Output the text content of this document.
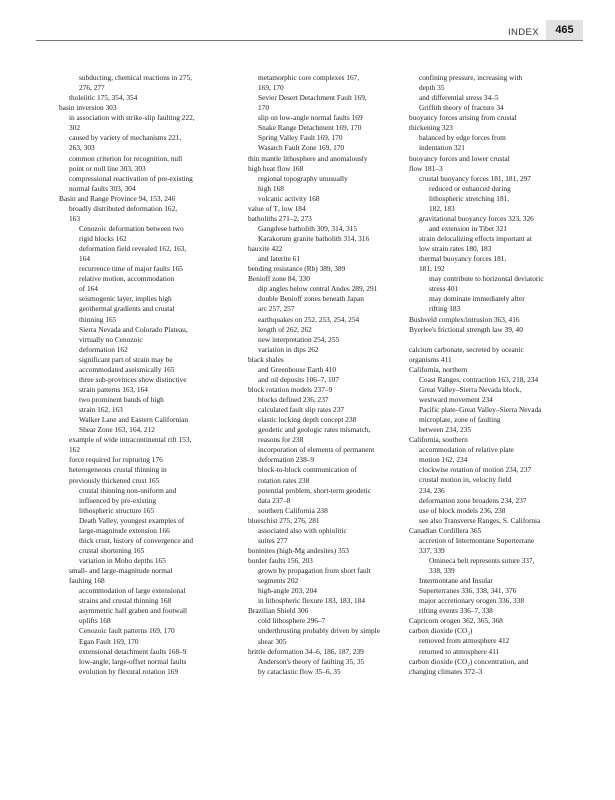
INDEX	465
subducting, chemical reactions in 275,
276, 277
tholeiitic 175, 354, 354
basin inversion 303
in association with strike-slip faulting 222,
302
caused by variety of mechanisms 221,
263, 303
common criterion for recognition, null
point or null line 303, 303
compressional reactivation of pre-existing
normal faults 303, 304
Basin and Range Province 94, 153, 246
broadly distributed deformation 162,
163
Cenozoic deformation between two
rigid blocks 162
deformation field revealed 162, 163,
164
recurrence time of major faults 165
relative motion, accommodation
of 164
seismogenic layer, implies high
geothermal gradients and crustal
thinning 165
Sierra Nevada and Colorado Plateau,
virtually no Cenozoic
deformation 162
significant part of strain may be
accommodated aseismically 165
three sub-provinces show distinctive
strain patterns 163, 164
two prominent bands of high
strain 162, 163
Walker Lane and Eastern Californian
Shear Zone 163, 164, 212
example of wide intracontinental rift 153,
162
force required for rupturing 176
heterogeneous crustal thinning in
previously thickened crust 165
crustal thinning non-uniform and
influenced by pre-existing
lithospheric structure 165
Death Valley, youngest examples of
large-magnitude extension 166
thick crust, history of convergence and
crustal shortening 165
variation in Moho depths 165
small- and large-magnitude normal
faulting 168
accommodation of large extensional
strains and crustal thinning 168
asymmetric half graben and footwall
uplifts 168
Cenozoic fault patterns 169, 170
Egan Fault 169, 170
extensional detachment faults 168–9
low-angle, large-offset normal faults
evolution by flexural rotation 169
metamorphic core complexes 167,
169, 170
Sevier Desert Detachment Fault 169,
170
slip on low-angle normal faults 169
Snake Range Detachment 169, 170
Spring Valley Fault 169, 170
Wasatch Fault Zone 169, 170
thin mantle lithosphere and anomalously
high heat flow 168
regional topography unusually
high 168
volcanic activity 168
value of Tₑ low 184
batholiths 271–2, 273
Gangdese batholith 309, 314, 315
Karakorum granite batholith 314, 316
bauxite 422
and laterite 61
bending resistance (Rb) 389, 389
Benioff zone 84, 330
dip angles below central Andes 289, 291
double Benioff zones beneath Japan
arc 257, 257
earthquakes on 252, 253, 254, 254
length of 262, 262
new interpretation 254, 255
variation in dips 262
black shales
and Greenhouse Earth 410
and oil deposits 106–7, 107
block rotation models 237–9
blocks defined 236, 237
calculated fault slip rates 237
elastic locking depth concept 238
geodetic and geologic rates mismatch,
reasons for 238
incorporation of elements of permanent
deformation 238–9
block-to-block communication of
rotation rates 238
potential problem, short-term geodetic
data 237–8
southern California 238
blueschist 275, 276, 281
associated also with ophiolitic
suites 277
boninites (high-Mg andesites) 353
border faults 156, 203
grown by propagation from short fault
segments 202
high-angle 203, 204
in lithospheric flexure 183, 183, 184
Brazilian Shield 306
cold lithosphere 296–7
underthrusting probably driven by simple
shear 305
brittle deformation 34–6, 186, 187, 239
Anderson's theory of faulting 35, 35
by cataclastic flow 35–6, 35
confining pressure, increasing with
depth 35
and differential stress 34–5
Griffith theory of fracture 34
buoyancy forces arising from crustal
thickening 323
balanced by edge forces from
indentation 321
buoyancy forces and lower crustal
flow 181–3
crustal buoyancy forces 181, 181, 297
reduced or enhanced during
lithospheric stretching 181,
182, 183
gravitational buoyancy forces 323, 326
and extension in Tibet 321
strain delocalizing effects important at
low strain rates 180, 183
thermal buoyancy forces 181,
181, 192
may contribute to horizontal deviatoric
stress 401
may dominate immediately after
rifting 183
Bushveld complex/intrusion 363, 416
Byerlee's frictional strength law 39, 40
calcium carbonate, secreted by oceanic
organisms 411
California, northern
Coast Ranges, contraction 163, 218, 234
Great Valley–Sierra Nevada block,
westward movement 234
Pacific plate–Great Valley–Sierra Nevada
microplate, zone of faulting
between 234, 235
California, southern
accommodation of relative plate
motion 162, 234
clockwise rotation of motion 234, 237
crustal motion in, velocity field
234, 236
deformation zone broadens 234, 237
use of block models 236, 238
see also Transverse Ranges, S. California
Canadian Cordillera 365
accretion of Intermontane Superterrane
337, 339
Omineca belt represents suture 337,
338, 339
Intermontane and Insular
Superterranes 336, 338, 341, 376
major accretionary orogen 336, 338
rifting events 336–7, 338
Capricorn orogen 362, 365, 368
carbon dioxide (CO₂)
removed from atmosphere 412
returned to atmosphere 411
carbon dioxide (CO₂) concentration, and
changing climates 372–3
